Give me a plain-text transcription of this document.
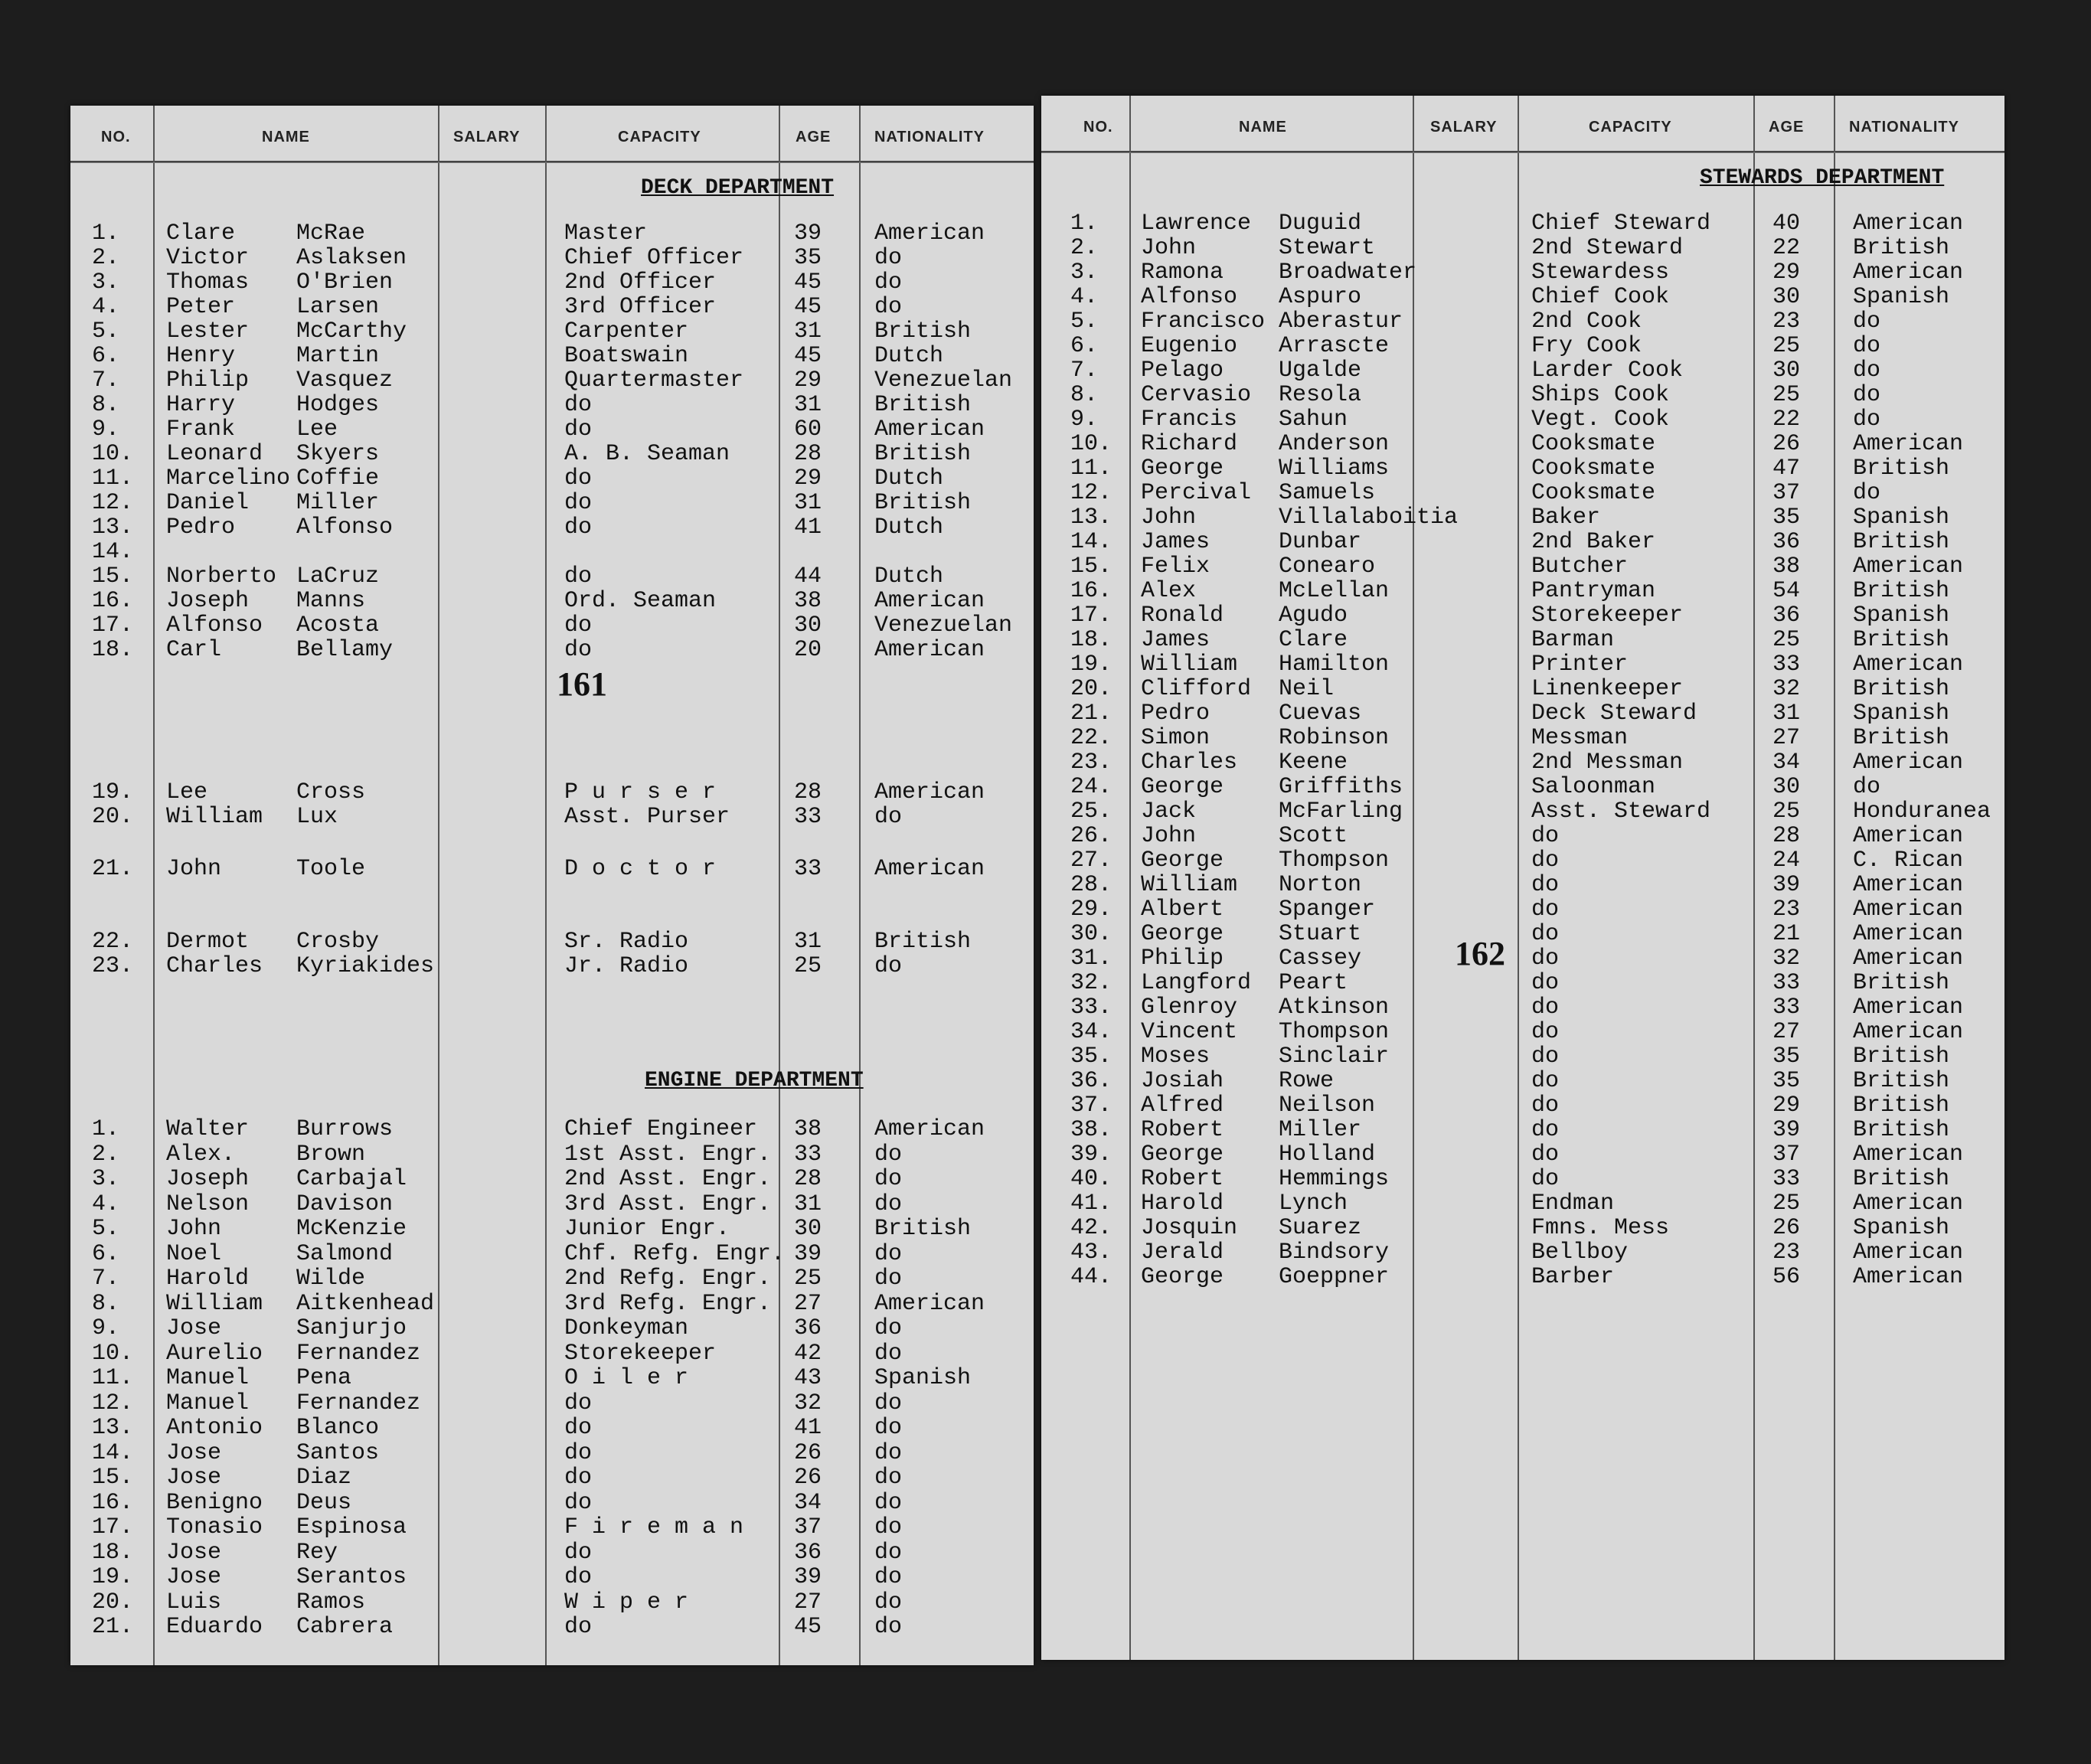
NO.	NAME	SALARY	CAPACITY	AGE	NATIONALITY
DECK DEPARTMENT
1. Clare	McRae	Master	39 American
2. Victor Aslaksen	Chief Officer 35 do
3. Thomas O'Brien	2nd Officer	45 do
4. Peter	Larsen	3rd Officer	45 do
5. Lester McCarthy	Carpenter	31 British
6. Henry	Martin	Boatswain	45 Dutch
7. Philip Vasquez	Quartermaster 29 Venezuelan
8. Harry	Hodges	do	31 British
9. Frank	Lee	do	60 American
10. Leonard Skyers	A. B. Seaman	28 British
11. Marcelino Coffie	do	29 Dutch
12. Daniel Miller	do	31 British
13. Pedro	Alfonso	do	41 Dutch
14.
15. Norberto LaCruz	do	44 Dutch
16. Joseph Manns	Ord. Seaman	38 American
17. Alfonso Acosta	do	30 Venezuelan
18. Carl	Bellamy	do	20 American
161
19. Lee	Cross	P u r s e r	28 American
20. William Lux	Asst. Purser	33 do
21. John	Toole	D o c t o r	33 American
22. Dermot Crosby	Sr. Radio	31 British
23. Charles Kyriakides	Jr. Radio	25 do
ENGINE DEPARTMENT
1. Walter Burrows	Chief Engineer 38 American
2. Alex.	Brown	1st Asst. Engr. 33 do
3. Joseph Carbajal	2nd Asst. Engr. 28 do
4. Nelson Davison	3rd Asst. Engr. 31 do
5. John	McKenzie	Junior Engr.	30 British
6. Noel	Salmond	Chf. Refg. Engr. 39 do
7. Harold Wilde	2nd Refg. Engr. 25 do
8. William Aitkenhead	3rd Refg. Engr. 27 American
9. Jose	Sanjurjo	Donkeyman	36 do
10. Aurelio Fernandez	Storekeeper	42 do
11. Manuel Pena	O i l e r	43 Spanish
12. Manuel Fernandez	do	32 do
13. Antonio Blanco	do	41 do
14. Jose	Santos	do	26 do
15. Jose	Diaz	do	26 do
16. Benigno Deus	do	34 do
17. Tonasio Espinosa	F i r e m a n 37 do
18. Jose	Rey	do	36 do
19. Jose	Serantos	do	39 do
20. Luis	Ramos	W i p e r	27 do
21. Eduardo Cabrera	do	45 do
NO.	NAME	SALARY	CAPACITY	AGE	NATIONALITY
STEWARDS DEPARTMENT
162
1. Lawrence Duguid	Chief Steward	40 American
2. John	Stewart	2nd Steward	22 British
3. Ramona Broadwater	Stewardess	29 American
4. Alfonso Aspuro	Chief Cook	30 Spanish
5. Francisco Aberastur	2nd Cook	23 do
6. Eugenio Arrascte	Fry Cook	25 do
7. Pelago Ugalde	Larder Cook	30 do
8. Cervasio Resola	Ships Cook	25 do
9. Francis Sahun	Vegt. Cook	22 do
10. Richard Anderson	Cooksmate	26 American
11. George Williams	Cooksmate	47 British
12. Percival Samuels	Cooksmate	37 do
13. John	Villalaboitia	Baker	35 Spanish
14. James	Dunbar	2nd Baker	36 British
15. Felix	Conearo	Butcher	38 American
16. Alex	McLellan	Pantryman	54 British
17. Ronald Agudo	Storekeeper	36 Spanish
18. James	Clare	Barman	25 British
19. William Hamilton	Printer	33 American
20. Clifford Neil	Linenkeeper	32 British
21. Pedro	Cuevas	Deck Steward	31 Spanish
22. Simon	Robinson	Messman	27 British
23. Charles Keene	2nd Messman	34 American
24. George Griffiths	Saloonman	30 do
25. Jack	McFarling	Asst. Steward	25 Honduranea
26. John	Scott	do	28 American
27. George Thompson	do	24 C. Rican
28. William Norton	do	39 American
29. Albert Spanger	do	23 American
30. George Stuart	do	21 American
31. Philip Cassey	do	32 American
32. Langford Peart	do	33 British
33. Glenroy Atkinson	do	33 American
34. Vincent Thompson	do	27 American
35. Moses	Sinclair	do	35 British
36. Josiah Rowe	do	35 British
37. Alfred Neilson	do	29 British
38. Robert Miller	do	39 British
39. George Holland	do	37 American
40. Robert Hemmings	do	33 British
41. Harold Lynch	Endman	25 American
42. Josquin Suarez	Fmns. Mess	26 Spanish
43. Jerald Bindsory	Bellboy	23 American
44. George Goeppner	Barber	56 American
